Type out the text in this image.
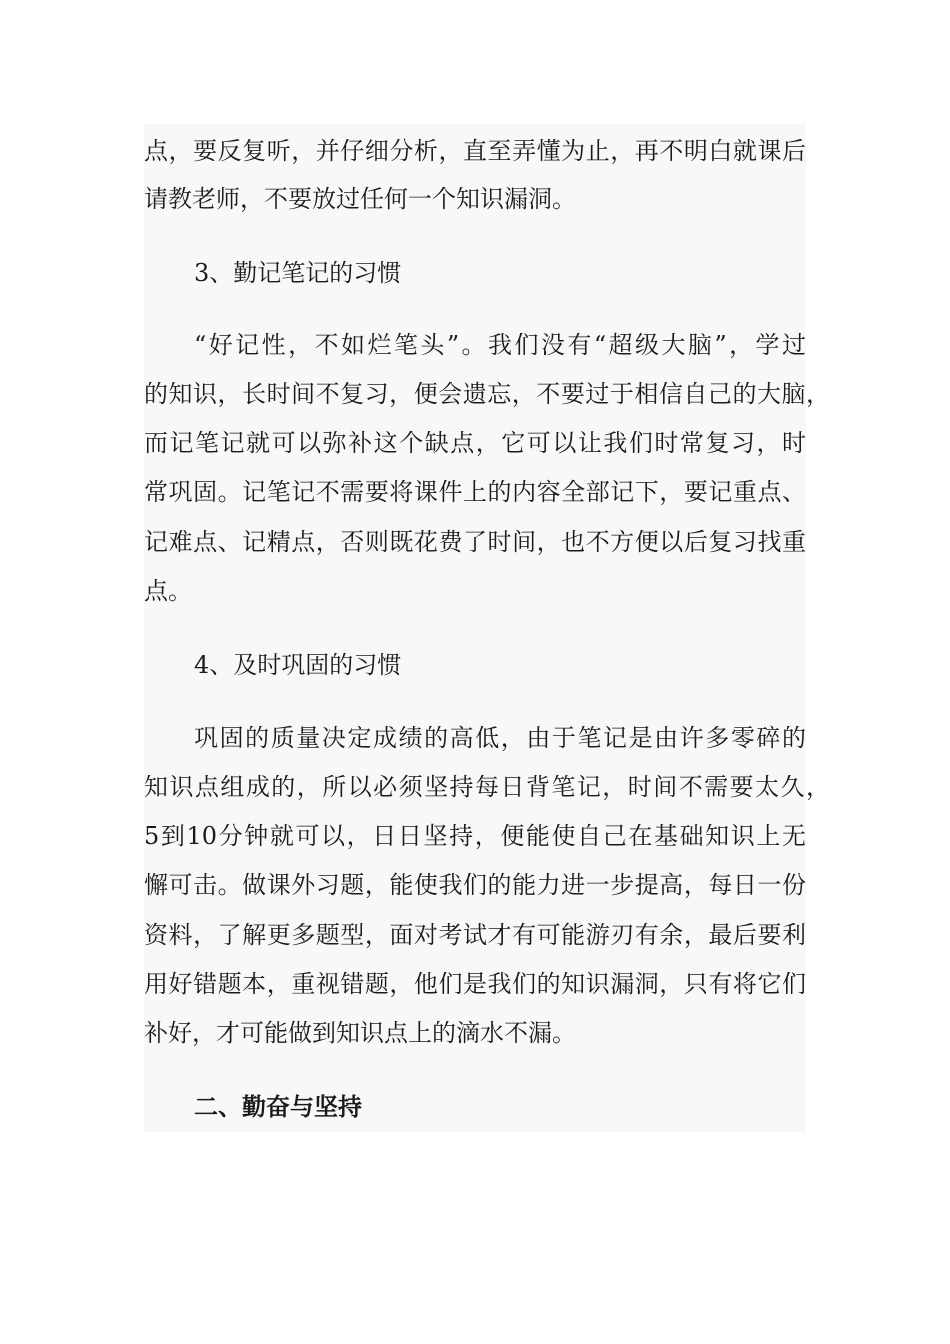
点，要反复听，并仔细分析，直至弄懂为止，再不明白就课后
请教老师，不要放过任何一个知识漏洞。
3、勤记笔记的习惯
“好记性，不如烂笔头”。我们没有“超级大脑”，学过
的知识，长时间不复习，便会遗忘，不要过于相信自己的大脑，
而记笔记就可以弥补这个缺点，它可以让我们时常复习，时
常巩固。记笔记不需要将课件上的内容全部记下，要记重点、
记难点、记精点，否则既花费了时间，也不方便以后复习找重
点。
4、及时巩固的习惯
巩固的质量决定成绩的高低，由于笔记是由许多零碎的
知识点组成的，所以必须坚持每日背笔记，时间不需要太久，
5到10分钟就可以，日日坚持，便能使自己在基础知识上无
懈可击。做课外习题，能使我们的能力进一步提高，每日一份
资料，了解更多题型，面对考试才有可能游刃有余，最后要利
用好错题本，重视错题，他们是我们的知识漏洞，只有将它们
补好，才可能做到知识点上的滴水不漏。
二、勤奋与坚持
